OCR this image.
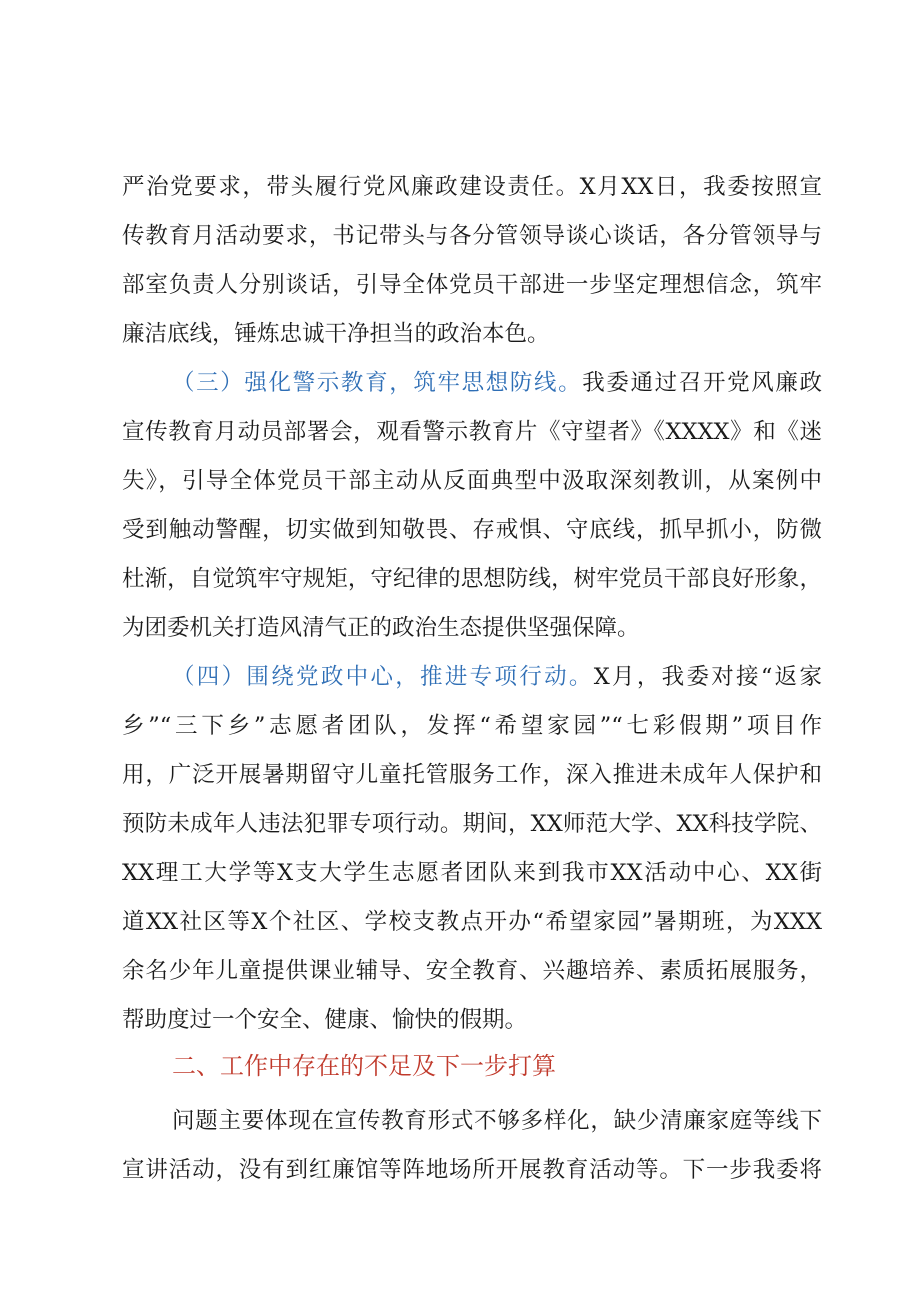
严治党要求，带头履行党风廉政建设责任。X月XX日，我委按照宣
传教育月活动要求，书记带头与各分管领导谈心谈话，各分管领导与
部室负责人分别谈话，引导全体党员干部进一步坚定理想信念，筑牢
廉洁底线，锤炼忠诚干净担当的政治本色。
（三）强化警示教育，筑牢思想防线。我委通过召开党风廉政
宣传教育月动员部署会，观看警示教育片《守望者》《XXXX》和《迷
失》，引导全体党员干部主动从反面典型中汲取深刻教训，从案例中
受到触动警醒，切实做到知敬畏、存戒惧、守底线，抓早抓小，防微
杜渐，自觉筑牢守规矩，守纪律的思想防线，树牢党员干部良好形象，
为团委机关打造风清气正的政治生态提供坚强保障。
（四）围绕党政中心，推进专项行动。X月，我委对接“返家
乡”“三下乡”志愿者团队，发挥“希望家园”“七彩假期”项目作
用，广泛开展暑期留守儿童托管服务工作，深入推进未成年人保护和
预防未成年人违法犯罪专项行动。期间，XX师范大学、XX科技学院、
XX理工大学等X支大学生志愿者团队来到我市XX活动中心、XX街
道XX社区等X个社区、学校支教点开办“希望家园”暑期班，为XXX
余名少年儿童提供课业辅导、安全教育、兴趣培养、素质拓展服务，
帮助度过一个安全、健康、愉快的假期。
二、工作中存在的不足及下一步打算
问题主要体现在宣传教育形式不够多样化，缺少清廉家庭等线下
宣讲活动，没有到红廉馆等阵地场所开展教育活动等。下一步我委将
